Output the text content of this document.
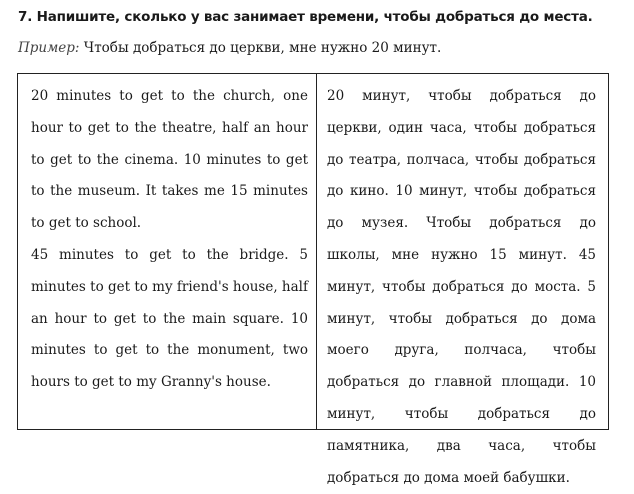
7. Напишите, сколько у вас занимает времени, чтобы добраться до места.
Пример: Чтобы добраться до церкви, мне нужно 20 минут.

20 minutes to get to the church, one hour to get to the theatre, half an hour to get to the cinema. 10 minutes to get to the museum. It takes me 15 minutes to get to school.

45 minutes to get to the bridge. 5 minutes to get to my friend's house, half an hour to get to the main square. 10 minutes to get to the monument, two hours to get to my Granny's house.

20 минут, чтобы добраться до церкви, один часа, чтобы добраться до театра, полчаса, чтобы добраться до кино. 10 минут, чтобы добраться до музея. Чтобы добраться до школы, мне нужно 15 минут. 45 минут, чтобы добраться до моста. 5 минут, чтобы добраться до дома моего друга, полчаса, чтобы добраться до главной площади. 10 минут, чтобы добраться до памятника, два часа, чтобы добраться до дома моей бабушки.
